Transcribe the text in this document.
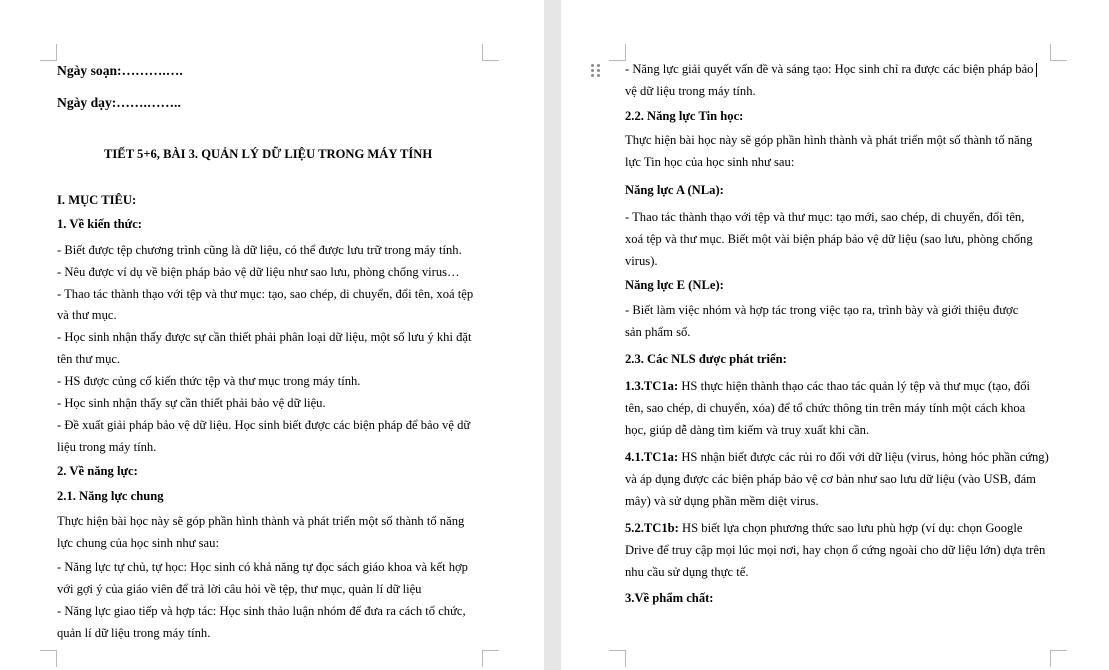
Ngày soạn:……….….
Ngày dạy:…….……..
TIẾT 5+6, BÀI 3. QUẢN LÝ DỮ LIỆU TRONG MÁY TÍNH
I. MỤC TIÊU:
1. Về kiến thức:
- Biết được tệp chương trình cũng là dữ liệu, có thể được lưu trữ trong máy tính.
- Nêu được ví dụ về biện pháp bảo vệ dữ liệu như sao lưu, phòng chống virus…
- Thao tác thành thạo với tệp và thư mục: tạo, sao chép, di chuyển, đổi tên, xoá tệp
và thư mục.
- Học sinh nhận thấy được sự cần thiết phải phân loại dữ liệu, một số lưu ý khi đặt
tên thư mục.
- HS được củng cố kiến thức tệp và thư mục trong máy tính.
- Học sinh nhận thấy sự cần thiết phải bảo vệ dữ liệu.
- Đề xuất giải pháp bảo vệ dữ liệu. Học sinh biết được các biện pháp để bảo vệ dữ
liệu trong máy tính.
2. Về năng lực:
2.1. Năng lực chung
Thực hiện bài học này sẽ góp phần hình thành và phát triển một số thành tố năng
lực chung của học sinh như sau:
- Năng lực tự chủ, tự học: Học sinh có khả năng tự đọc sách giáo khoa và kết hợp
với gợi ý của giáo viên để trả lời câu hỏi về tệp, thư mục, quản lí dữ liệu
- Năng lực giao tiếp và hợp tác: Học sinh thảo luận nhóm để đưa ra cách tổ chức,
quản lí dữ liệu trong máy tính.
- Năng lực giải quyết vấn đề và sáng tạo: Học sinh chỉ ra được các biện pháp bảo
vệ dữ liệu trong máy tính.
2.2. Năng lực Tin học:
Thực hiện bài học này sẽ góp phần hình thành và phát triển một số thành tố năng
lực Tin học của học sinh như sau:
Năng lực A (NLa):
- Thao tác thành thạo với tệp và thư mục: tạo mới, sao chép, di chuyển, đổi tên,
xoá tệp và thư mục. Biết một vài biện pháp bảo vệ dữ liệu (sao lưu, phòng chống
virus).
Năng lực E (NLe):
- Biết làm việc nhóm và hợp tác trong việc tạo ra, trình bày và giới thiệu được
sản phẩm số.
2.3. Các NLS được phát triển:
1.3.TC1a: HS thực hiện thành thạo các thao tác quản lý tệp và thư mục (tạo, đổi
tên, sao chép, di chuyển, xóa) để tổ chức thông tin trên máy tính một cách khoa
học, giúp dễ dàng tìm kiếm và truy xuất khi cần.
4.1.TC1a: HS nhận biết được các rủi ro đối với dữ liệu (virus, hỏng hóc phần cứng)
và áp dụng được các biện pháp bảo vệ cơ bản như sao lưu dữ liệu (vào USB, đám
mây) và sử dụng phần mềm diệt virus.
5.2.TC1b: HS biết lựa chọn phương thức sao lưu phù hợp (ví dụ: chọn Google
Drive để truy cập mọi lúc mọi nơi, hay chọn ổ cứng ngoài cho dữ liệu lớn) dựa trên
nhu cầu sử dụng thực tế.
3.Về phẩm chất:
